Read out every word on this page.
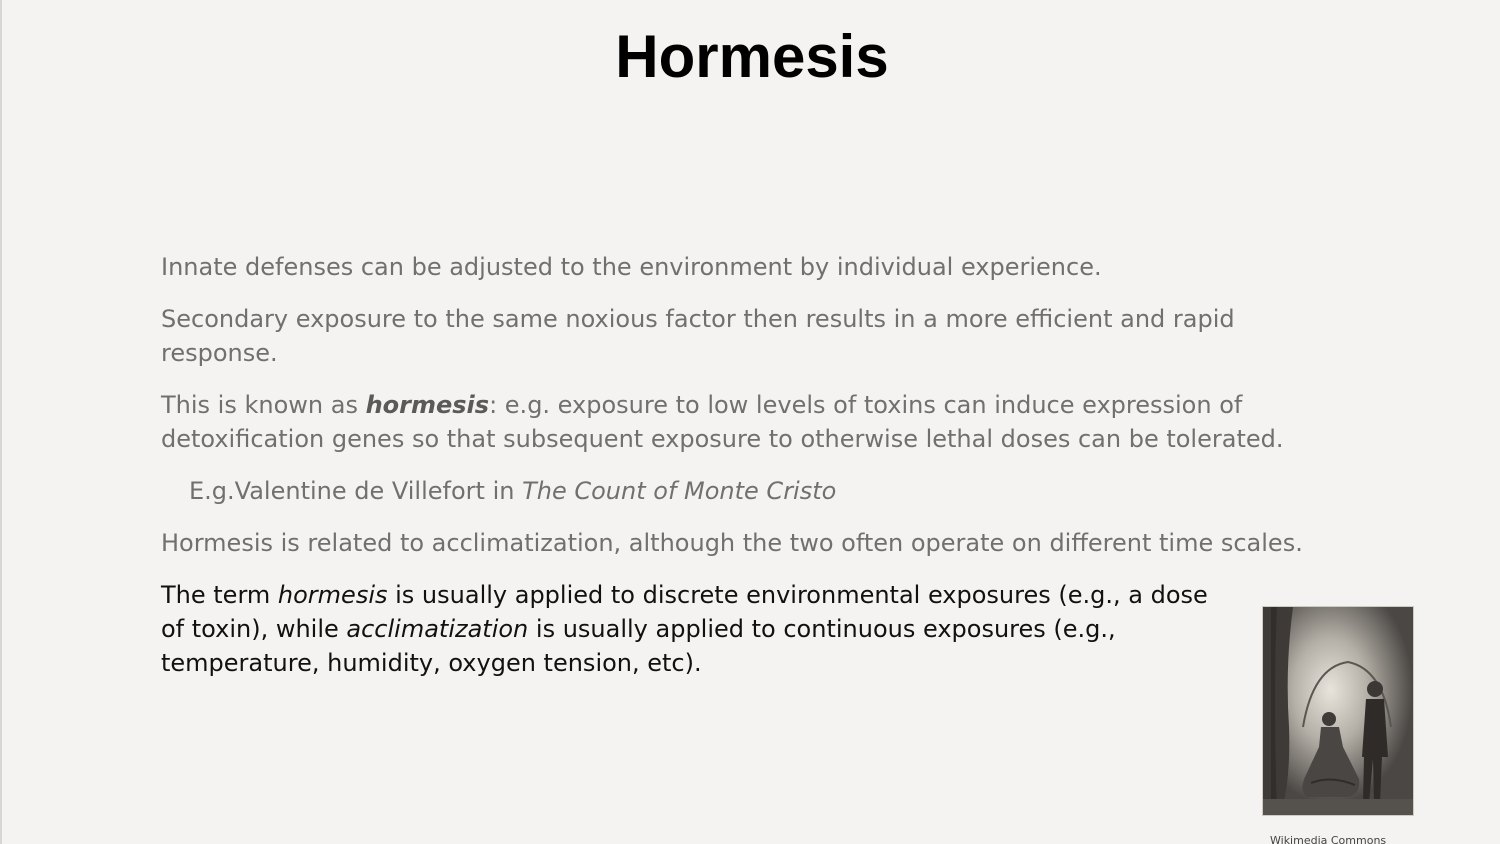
Hormesis

Innate defenses can be adjusted to the environment by individual experience.

Secondary exposure to the same noxious factor then results in a more efficient and rapid response.

This is known as hormesis: e.g. exposure to low levels of toxins can induce expression of detoxification genes so that subsequent exposure to otherwise lethal doses can be tolerated.

E.g.Valentine de Villefort in The Count of Monte Cristo

Hormesis is related to acclimatization, although the two often operate on different time scales.

The term hormesis is usually applied to discrete environmental exposures (e.g., a dose of toxin), while acclimatization is usually applied to continuous exposures (e.g., temperature, humidity, oxygen tension, etc).

Wikimedia Commons
